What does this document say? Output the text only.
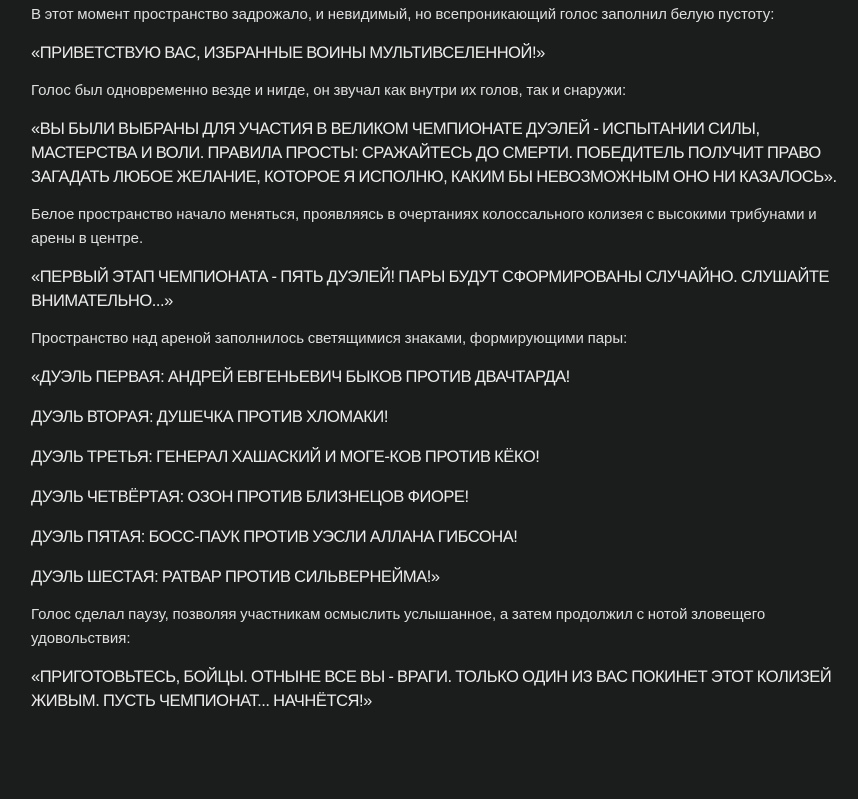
В этот момент пространство задрожало, и невидимый, но всепроникающий голос заполнил белую пустоту:

«ПРИВЕТСТВУЮ ВАС, ИЗБРАННЫЕ ВОИНЫ МУЛЬТИВСЕЛЕННОЙ!»

Голос был одновременно везде и нигде, он звучал как внутри их голов, так и снаружи:

«ВЫ БЫЛИ ВЫБРАНЫ ДЛЯ УЧАСТИЯ В ВЕЛИКОМ ЧЕМПИОНАТЕ ДУЭЛЕЙ - ИСПЫТАНИИ СИЛЫ, МАСТЕРСТВА И ВОЛИ. ПРАВИЛА ПРОСТЫ: СРАЖАЙТЕСЬ ДО СМЕРТИ. ПОБЕДИТЕЛЬ ПОЛУЧИТ ПРАВО ЗАГАДАТЬ ЛЮБОЕ ЖЕЛАНИЕ, КОТОРОЕ Я ИСПОЛНЮ, КАКИМ БЫ НЕВОЗМОЖНЫМ ОНО НИ КАЗАЛОСЬ».

Белое пространство начало меняться, проявляясь в очертаниях колоссального колизея с высокими трибунами и арены в центре.

«ПЕРВЫЙ ЭТАП ЧЕМПИОНАТА - ПЯТЬ ДУЭЛЕЙ! ПАРЫ БУДУТ СФОРМИРОВАНЫ СЛУЧАЙНО. СЛУШАЙТЕ ВНИМАТЕЛЬНО...»

Пространство над ареной заполнилось светящимися знаками, формирующими пары:

«ДУЭЛЬ ПЕРВАЯ: АНДРЕЙ ЕВГЕНЬЕВИЧ БЫКОВ ПРОТИВ ДВАЧТАРДА!

ДУЭЛЬ ВТОРАЯ: ДУШЕЧКА ПРОТИВ ХЛОМАКИ!

ДУЭЛЬ ТРЕТЬЯ: ГЕНЕРАЛ ХАШАСКИЙ И МОГЕ-КОВ ПРОТИВ КЁКО!

ДУЭЛЬ ЧЕТВЁРТАЯ: ОЗОН ПРОТИВ БЛИЗНЕЦОВ ФИОРЕ!

ДУЭЛЬ ПЯТАЯ: БОСС-ПАУК ПРОТИВ УЭСЛИ АЛЛАНА ГИБСОНА!

ДУЭЛЬ ШЕСТАЯ: РАТВАР ПРОТИВ СИЛЬВЕРНЕЙМА!»

Голос сделал паузу, позволяя участникам осмыслить услышанное, а затем продолжил с нотой зловещего удовольствия:

«ПРИГОТОВЬТЕСЬ, БОЙЦЫ. ОТНЫНЕ ВСЕ ВЫ - ВРАГИ. ТОЛЬКО ОДИН ИЗ ВАС ПОКИНЕТ ЭТОТ КОЛИЗЕЙ ЖИВЫМ. ПУСТЬ ЧЕМПИОНАТ... НАЧНЁТСЯ!»
